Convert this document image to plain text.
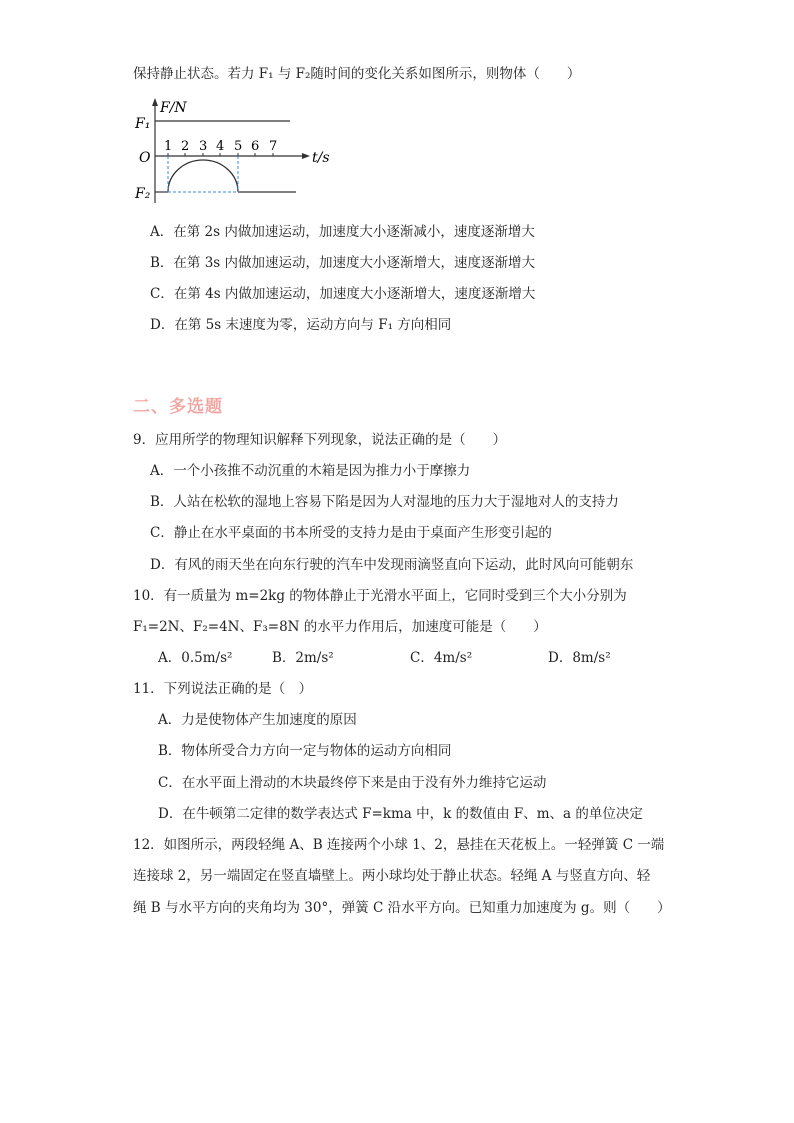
保持静止状态。若力 F₁ 与 F₂随时间的变化关系如图所示，则物体（　　）
F/N
t/s
O
F₁
F₂
1 2 3 4 5 6 7
A．在第 2s 内做加速运动，加速度大小逐渐减小，速度逐渐增大
B．在第 3s 内做加速运动，加速度大小逐渐增大，速度逐渐增大
C．在第 4s 内做加速运动，加速度大小逐渐增大，速度逐渐增大
D．在第 5s 末速度为零，运动方向与 F₁ 方向相同
二、多选题
9．应用所学的物理知识解释下列现象，说法正确的是（　　）
A．一个小孩推不动沉重的木箱是因为推力小于摩擦力
B．人站在松软的湿地上容易下陷是因为人对湿地的压力大于湿地对人的支持力
C．静止在水平桌面的书本所受的支持力是由于桌面产生形变引起的
D．有风的雨天坐在向东行驶的汽车中发现雨滴竖直向下运动，此时风向可能朝东
10．有一质量为 m=2kg 的物体静止于光滑水平面上，它同时受到三个大小分别为
F₁=2N、F₂=4N、F₃=8N 的水平力作用后，加速度可能是（　　）
A．0.5m/s²	B．2m/s²	C．4m/s²	D．8m/s²
11．下列说法正确的是（　）
A．力是使物体产生加速度的原因
B．物体所受合力方向一定与物体的运动方向相同
C．在水平面上滑动的木块最终停下来是由于没有外力维持它运动
D．在牛顿第二定律的数学表达式 F=kma 中，k 的数值由 F、m、a 的单位决定
12．如图所示，两段轻绳 A、B 连接两个小球 1、2，悬挂在天花板上。一轻弹簧 C 一端
连接球 2，另一端固定在竖直墙壁上。两小球均处于静止状态。轻绳 A 与竖直方向、轻
绳 B 与水平方向的夹角均为 30°，弹簧 C 沿水平方向。已知重力加速度为 g。则（　　）
